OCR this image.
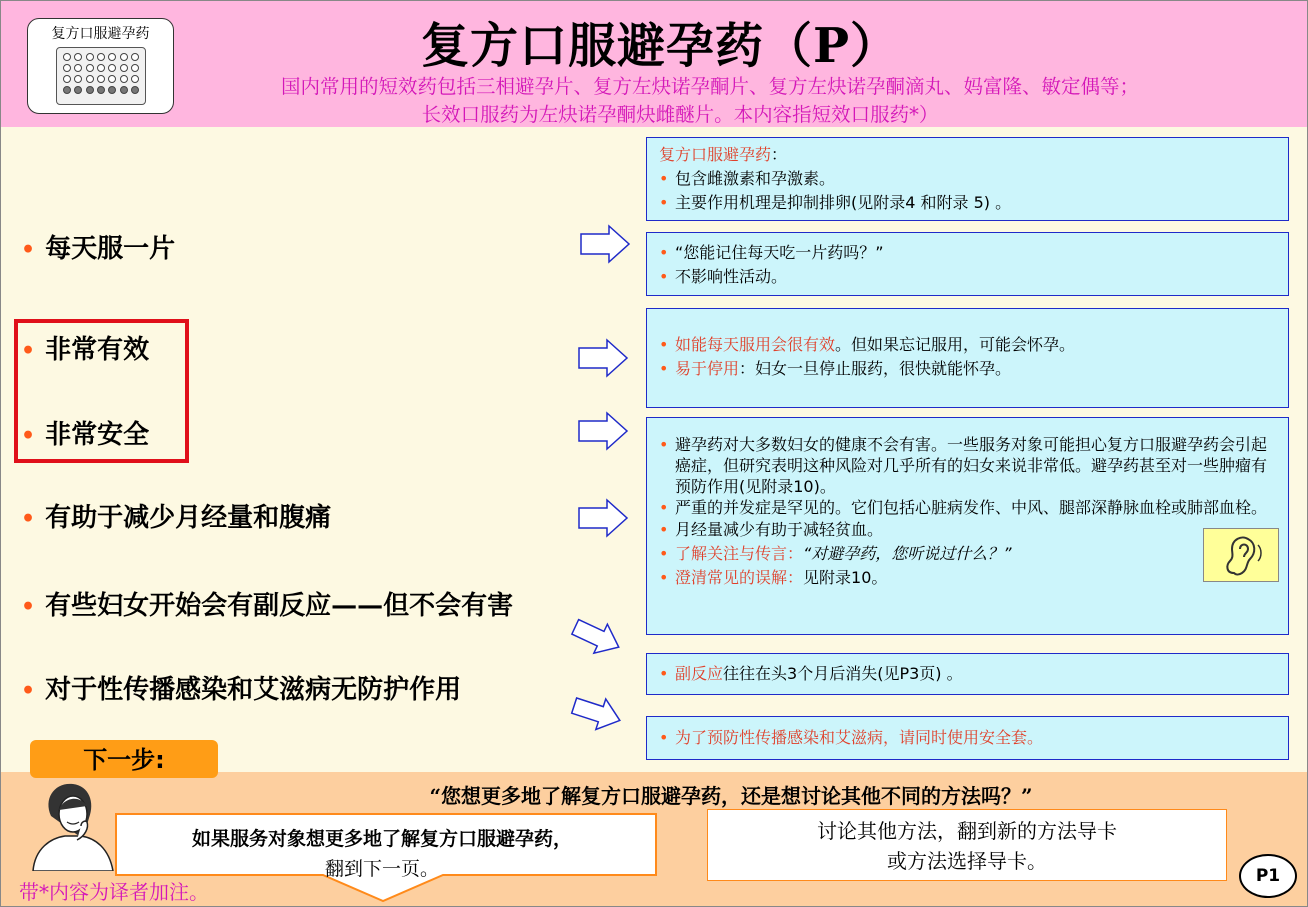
复方口服避孕药	复方口服避孕药（P）
国内常用的短效药包括三相避孕片、复方左炔诺孕酮片、复方左炔诺孕酮滴丸、妈富隆、敏定偶等；
长效口服药为左炔诺孕酮炔雌醚片。本内容指短效口服药*）
• 每天服一片
• 非常有效
• 非常安全
• 有助于减少月经量和腹痛
• 有些妇女开始会有副反应——但不会有害
• 对于性传播感染和艾滋病无防护作用
复方口服避孕药：
• 包含雌激素和孕激素。
• 主要作用机理是抑制排卵(见附录4 和附录 5) 。
• “您能记住每天吃一片药吗？”
• 不影响性活动。
• 如能每天服用会很有效。但如果忘记服用，可能会怀孕。
• 易于停用：妇女一旦停止服药，很快就能怀孕。
• 避孕药对大多数妇女的健康不会有害。一些服务对象可能担心复方口服避孕药会引起癌症，但研究表明这种风险对几乎所有的妇女来说非常低。避孕药甚至对一些肿瘤有预防作用(见附录10)。
• 严重的并发症是罕见的。它们包括心脏病发作、中风、腿部深静脉血栓或肺部血栓。
• 月经量减少有助于减轻贫血。
• 了解关注与传言：“对避孕药，您听说过什么？”
• 澄清常见的误解：见附录10。
• 副反应往往在头3个月后消失(见P3页) 。
• 为了预防性传播感染和艾滋病，请同时使用安全套。
下一步:
“您想更多地了解复方口服避孕药，还是想讨论其他不同的方法吗？”
如果服务对象想更多地了解复方口服避孕药，
翻到下一页。
讨论其他方法，翻到新的方法导卡
或方法选择导卡。
P1
带*内容为译者加注。
